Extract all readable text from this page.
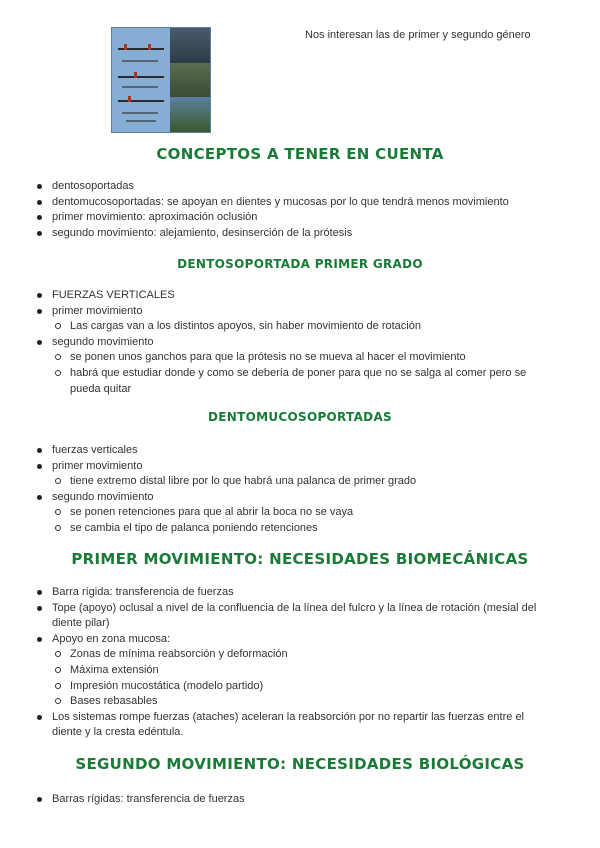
Nos interesan las de primer y segundo género
CONCEPTOS A TENER EN CUENTA
dentosoportadas
dentomucosoportadas: se apoyan en dientes y mucosas por lo que tendrá menos movimiento
primer movimiento: aproximación oclusión
segundo movimiento: alejamiento, desinserción de la prótesis
DENTOSOPORTADA PRIMER GRADO
FUERZAS VERTICALES
primer movimiento
Las cargas van a los distintos apoyos, sin haber movimiento de rotación
segundo movimiento
se ponen unos ganchos para que la prótesis no se mueva al hacer el movimiento
habrá que estudiar donde y como se debería de poner para que no se salga al comer pero se pueda quitar
DENTOMUCOSOPORTADAS
fuerzas verticales
primer movimiento
tiene extremo distal libre por lo que habrá una palanca de primer grado
segundo movimiento
se ponen retenciones para que al abrir la boca no se vaya
se cambia el tipo de palanca poniendo retenciones
PRIMER MOVIMIENTO: NECESIDADES BIOMECÁNICAS
Barra rígida: transferencia de fuerzas
Tope (apoyo) oclusal a nivel de la confluencia de la línea del fulcro y la línea de rotación (mesial del diente pilar)
Apoyo en zona mucosa:
Zonas de mínima reabsorción y deformación
Máxima extensión
Impresión mucostática (modelo partido)
Bases rebasables
Los sistemas rompe fuerzas (ataches) aceleran la reabsorción por no repartir las fuerzas entre el diente y la cresta edéntula.
SEGUNDO MOVIMIENTO: NECESIDADES BIOLÓGICAS
Barras rígidas: transferencia de fuerzas
